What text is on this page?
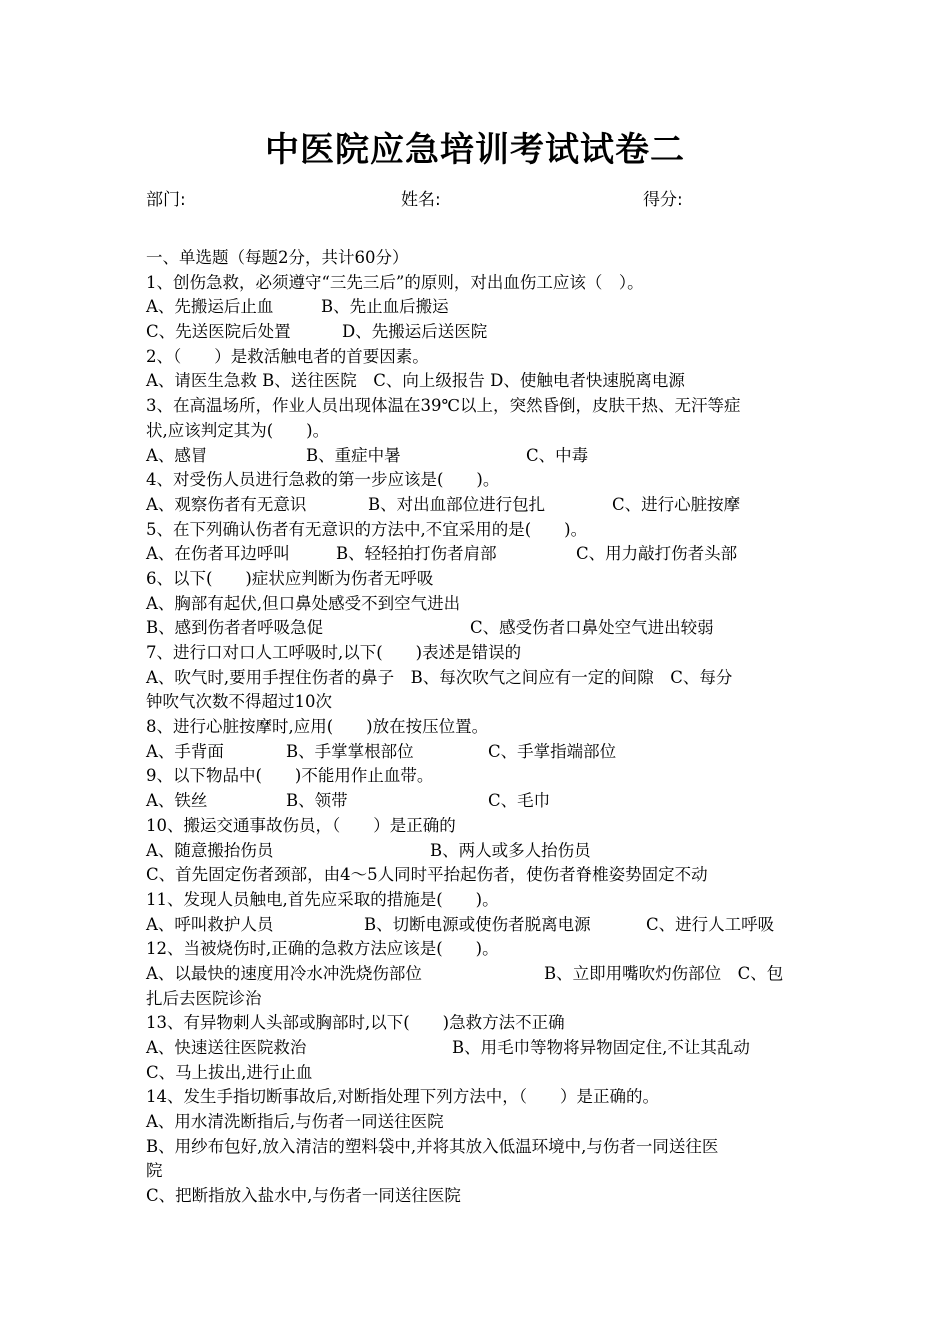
中医院应急培训考试试卷二
部门:	姓名:	得分:
一、单选题（每题2分，共计60分）
1、创伤急救，必须遵守“三先三后”的原则，对出血伤工应该（　）。
A、先搬运后止血	B、先止血后搬运
C、先送医院后处置	D、先搬运后送医院
2、（　　）是救活触电者的首要因素。
A、请医生急救 B、送往医院　C、向上级报告 D、使触电者快速脱离电源
3、在高温场所，作业人员出现体温在39℃以上，突然昏倒，皮肤干热、无汗等症
状,应该判定其为(　　)。
A、感冒	B、重症中暑	C、中毒
4、对受伤人员进行急救的第一步应该是(　　)。
A、观察伤者有无意识	B、对出血部位进行包扎	C、进行心脏按摩
5、在下列确认伤者有无意识的方法中,不宜采用的是(　　)。
A、在伤者耳边呼叫	B、轻轻拍打伤者肩部	C、用力敲打伤者头部
6、以下(　　)症状应判断为伤者无呼吸
A、胸部有起伏,但口鼻处感受不到空气进出
B、感到伤者者呼吸急促	C、感受伤者口鼻处空气进出较弱
7、进行口对口人工呼吸时,以下(　　)表述是错误的
A、吹气时,要用手捏住伤者的鼻子　B、每次吹气之间应有一定的间隙　C、每分
钟吹气次数不得超过10次
8、进行心脏按摩时,应用(　　)放在按压位置。
A、手背面	B、手掌掌根部位	C、手掌指端部位
9、以下物品中(　　)不能用作止血带。
A、铁丝	B、领带	C、毛巾
10、搬运交通事故伤员，（　　）是正确的
A、随意搬抬伤员	B、两人或多人抬伤员
C、首先固定伤者颈部，由4～5人同时平抬起伤者，使伤者脊椎姿势固定不动
11、发现人员触电,首先应采取的措施是(　　)。
A、呼叫救护人员	B、切断电源或使伤者脱离电源	C、进行人工呼吸
12、当被烧伤时,正确的急救方法应该是(　　)。
A、以最快的速度用冷水冲洗烧伤部位	B、立即用嘴吹灼伤部位　C、包
扎后去医院诊治
13、有异物刺人头部或胸部时,以下(　　)急救方法不正确
A、快速送往医院救治	B、用毛巾等物将异物固定住,不让其乱动
C、马上拔出,进行止血
14、发生手指切断事故后,对断指处理下列方法中，（　　）是正确的。
A、用水清洗断指后,与伤者一同送往医院
B、用纱布包好,放入清洁的塑料袋中,并将其放入低温环境中,与伤者一同送往医
院
C、把断指放入盐水中,与伤者一同送往医院
